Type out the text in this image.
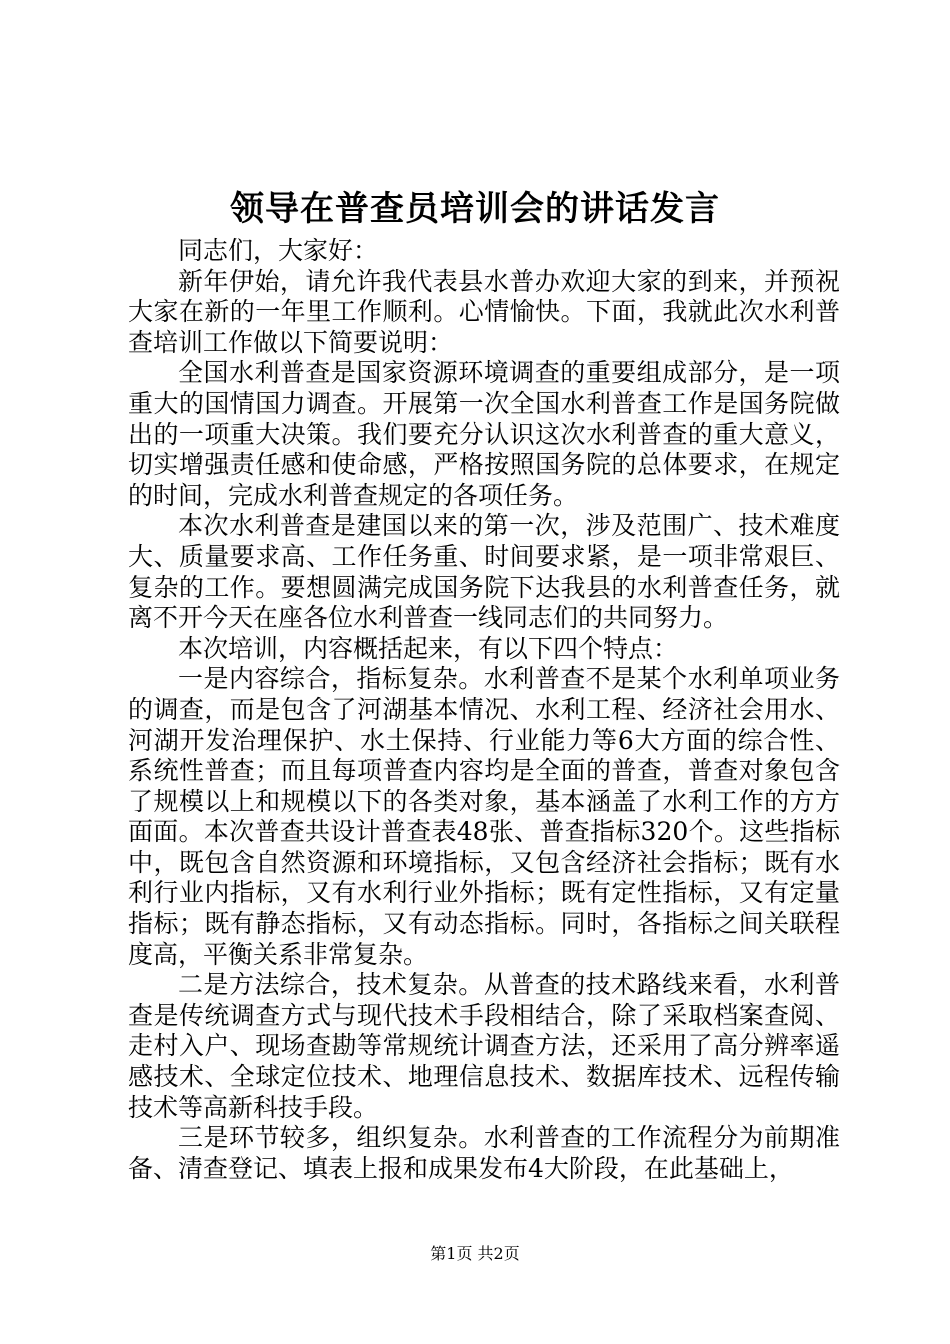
领导在普查员培训会的讲话发言

同志们，大家好：

新年伊始，请允许我代表县水普办欢迎大家的到来，并预祝大家在新的一年里工作顺利。心情愉快。下面，我就此次水利普查培训工作做以下简要说明：

全国水利普查是国家资源环境调查的重要组成部分，是一项重大的国情国力调查。开展第一次全国水利普查工作是国务院做出的一项重大决策。我们要充分认识这次水利普查的重大意义，切实增强责任感和使命感，严格按照国务院的总体要求，在规定的时间，完成水利普查规定的各项任务。

本次水利普查是建国以来的第一次，涉及范围广、技术难度大、质量要求高、工作任务重、时间要求紧，是一项非常艰巨、复杂的工作。要想圆满完成国务院下达我县的水利普查任务，就离不开今天在座各位水利普查一线同志们的共同努力。

本次培训，内容概括起来，有以下四个特点：

一是内容综合，指标复杂。水利普查不是某个水利单项业务的调查，而是包含了河湖基本情况、水利工程、经济社会用水、河湖开发治理保护、水土保持、行业能力等6大方面的综合性、系统性普查；而且每项普查内容均是全面的普查，普查对象包含了规模以上和规模以下的各类对象，基本涵盖了水利工作的方方面面。本次普查共设计普查表48张、普查指标320个。这些指标中，既包含自然资源和环境指标，又包含经济社会指标；既有水利行业内指标，又有水利行业外指标；既有定性指标，又有定量指标；既有静态指标，又有动态指标。同时，各指标之间关联程度高，平衡关系非常复杂。

二是方法综合，技术复杂。从普查的技术路线来看，水利普查是传统调查方式与现代技术手段相结合，除了采取档案查阅、走村入户、现场查勘等常规统计调查方法，还采用了高分辨率遥感技术、全球定位技术、地理信息技术、数据库技术、远程传输技术等高新科技手段。

三是环节较多，组织复杂。水利普查的工作流程分为前期准备、清查登记、填表上报和成果发布4大阶段，在此基础上，

第1页 共2页
